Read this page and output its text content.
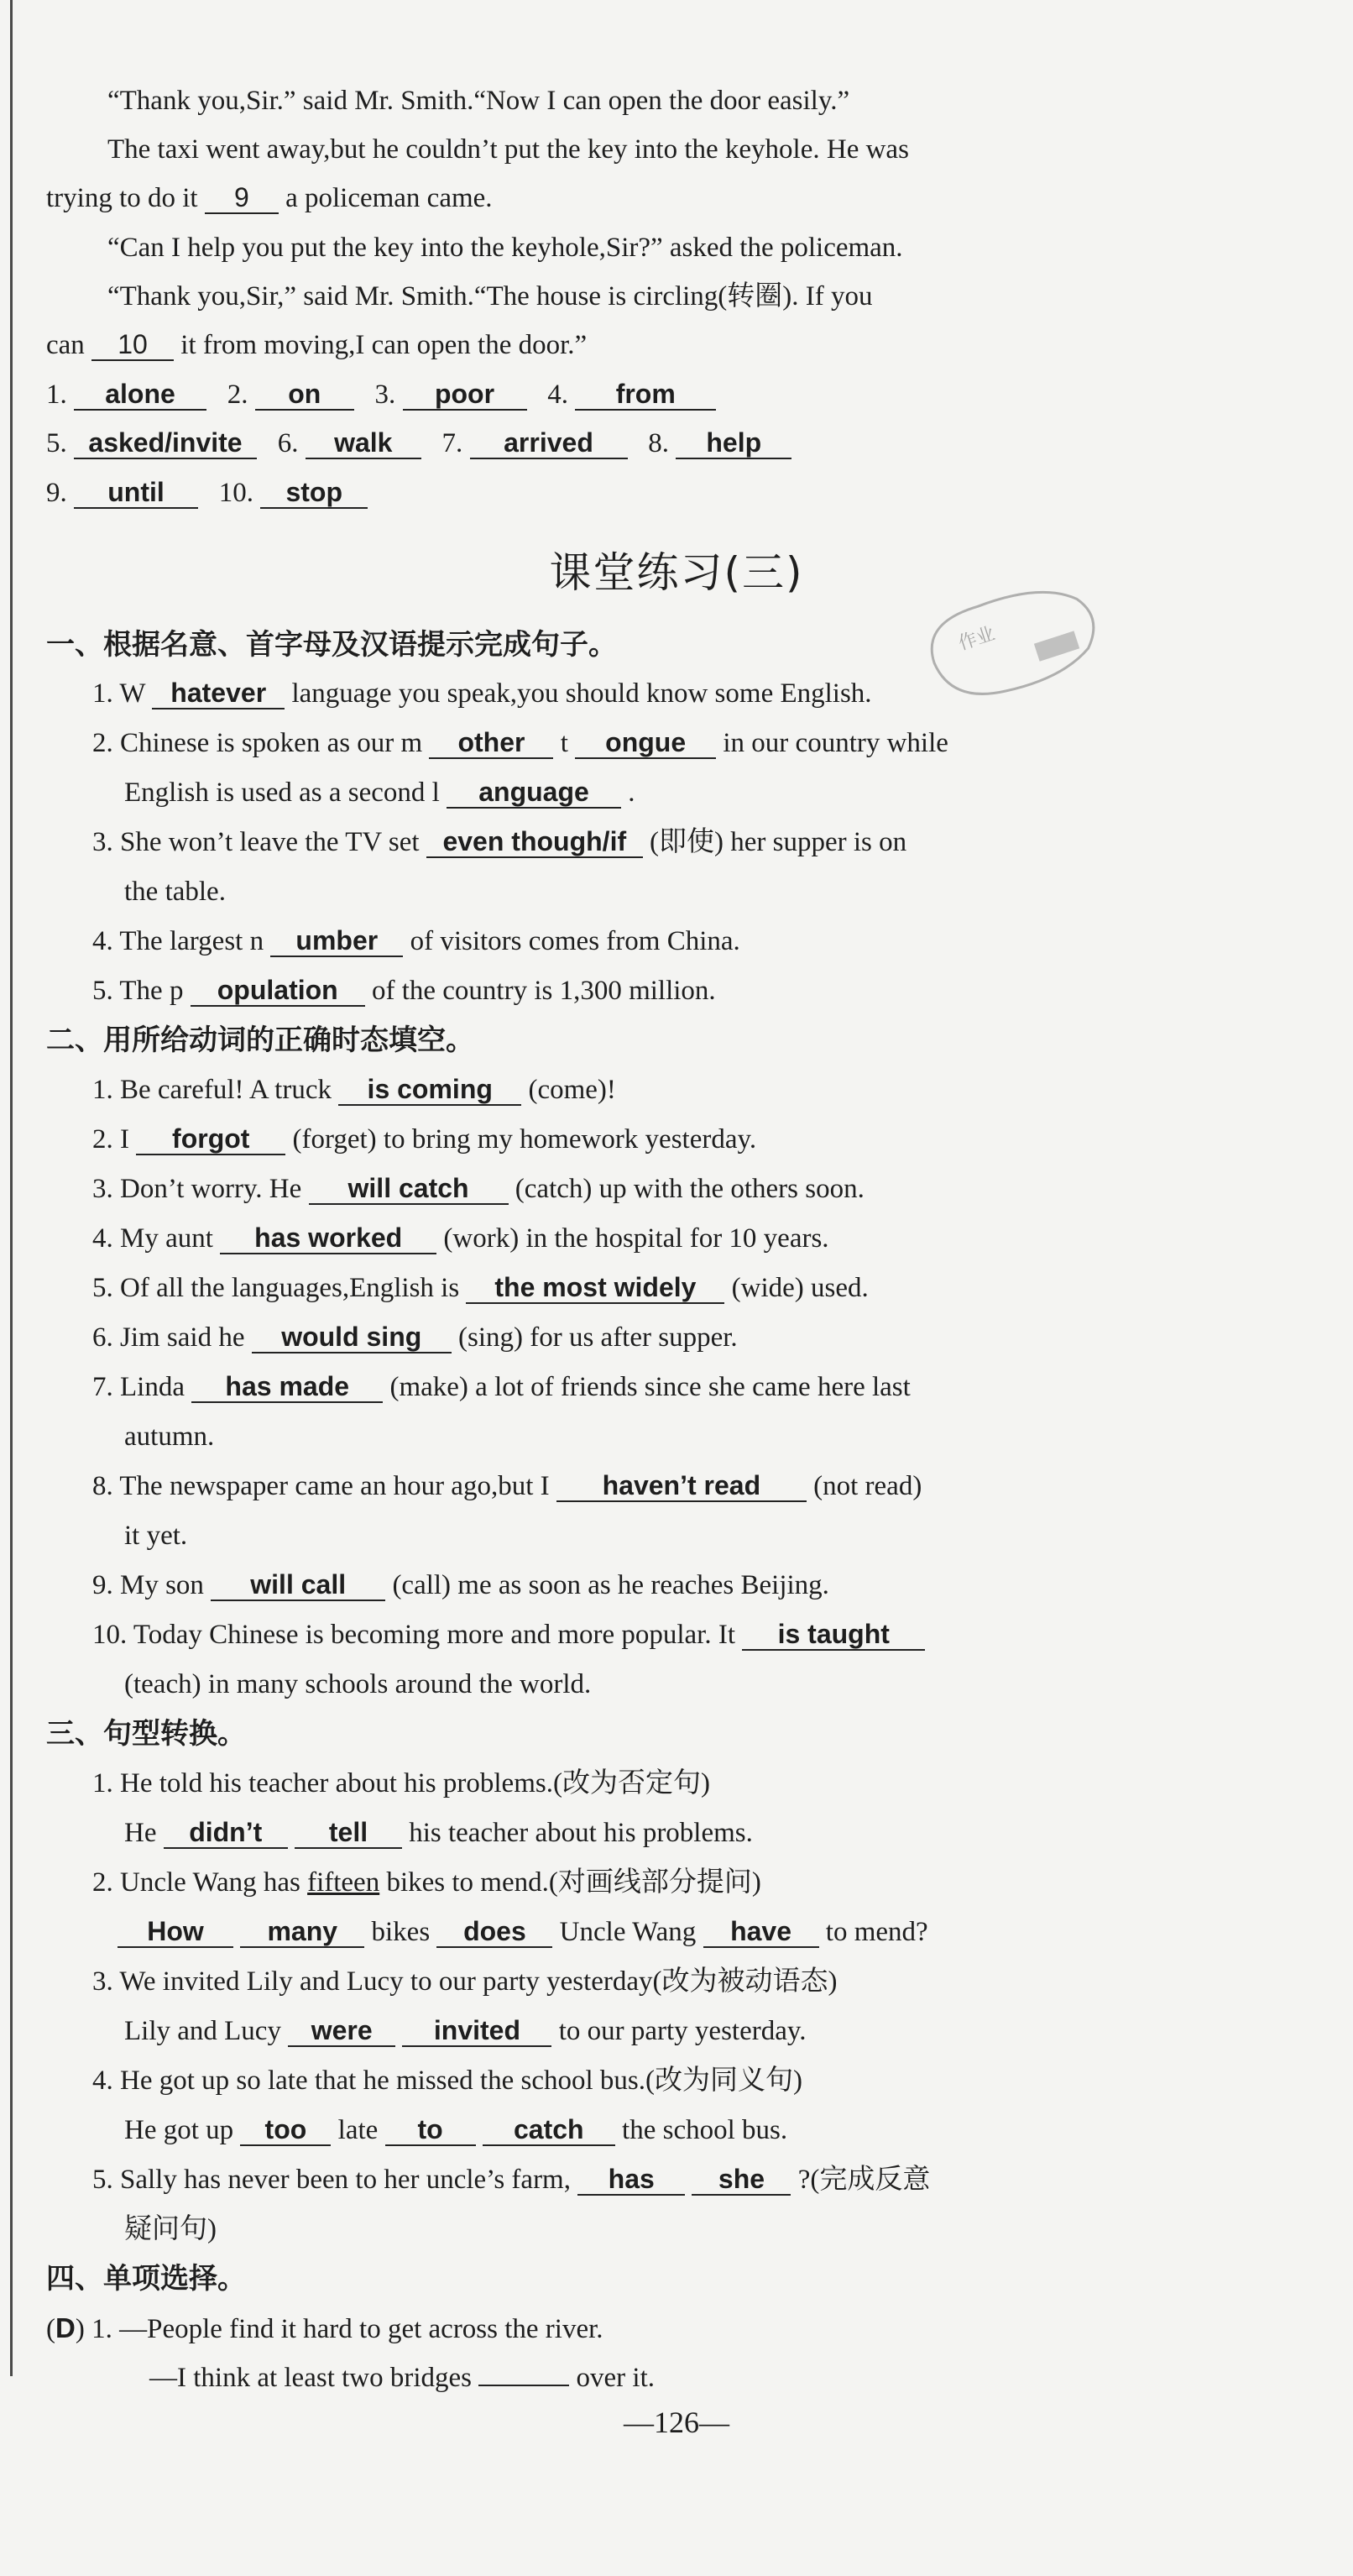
“Thank you,Sir.” said Mr. Smith.“Now I can open the door easily.”
The taxi went away,but he couldn’t put the key into the keyhole. He was
trying to do it 9 a policeman came.
“Can I help you put the key into the keyhole,Sir?” asked the policeman.
“Thank you,Sir,” said Mr. Smith.“The house is circling(转圈). If you
can 10 it from moving,I can open the door.”
1. alone 2. on 3. poor 4. from
5. asked/invite 6. walk 7. arrived 8. help
9. until 10. stop
课堂练习(三)
作业
一、根据名意、首字母及汉语提示完成句子。
1. W hatever language you speak,you should know some English.
2. Chinese is spoken as our m other t ongue in our country while
English is used as a second l anguage .
3. She won’t leave the TV set even though/if (即使) her supper is on
the table.
4. The largest n umber of visitors comes from China.
5. The p opulation of the country is 1,300 million.
二、用所给动词的正确时态填空。
1. Be careful! A truck is coming (come)!
2. I forgot (forget) to bring my homework yesterday.
3. Don’t worry. He will catch (catch) up with the others soon.
4. My aunt has worked (work) in the hospital for 10 years.
5. Of all the languages,English is the most widely (wide) used.
6. Jim said he would sing (sing) for us after supper.
7. Linda has made (make) a lot of friends since she came here last
autumn.
8. The newspaper came an hour ago,but I haven’t read (not read)
it yet.
9. My son will call (call) me as soon as he reaches Beijing.
10. Today Chinese is becoming more and more popular. It is taught
(teach) in many schools around the world.
三、句型转换。
1. He told his teacher about his problems.(改为否定句)
He didn’t tell his teacher about his problems.
2. Uncle Wang has fifteen bikes to mend.(对画线部分提问)
How many bikes does Uncle Wang have to mend?
3. We invited Lily and Lucy to our party yesterday(改为被动语态)
Lily and Lucy were invited to our party yesterday.
4. He got up so late that he missed the school bus.(改为同义句)
He got up too late to	catch the school bus.
5. Sally has never been to her uncle’s farm, has she ?(完成反意
疑问句)
四、单项选择。
(D) 1. —People find it hard to get across the river.
—I think at least two bridges	over it.
—126—
